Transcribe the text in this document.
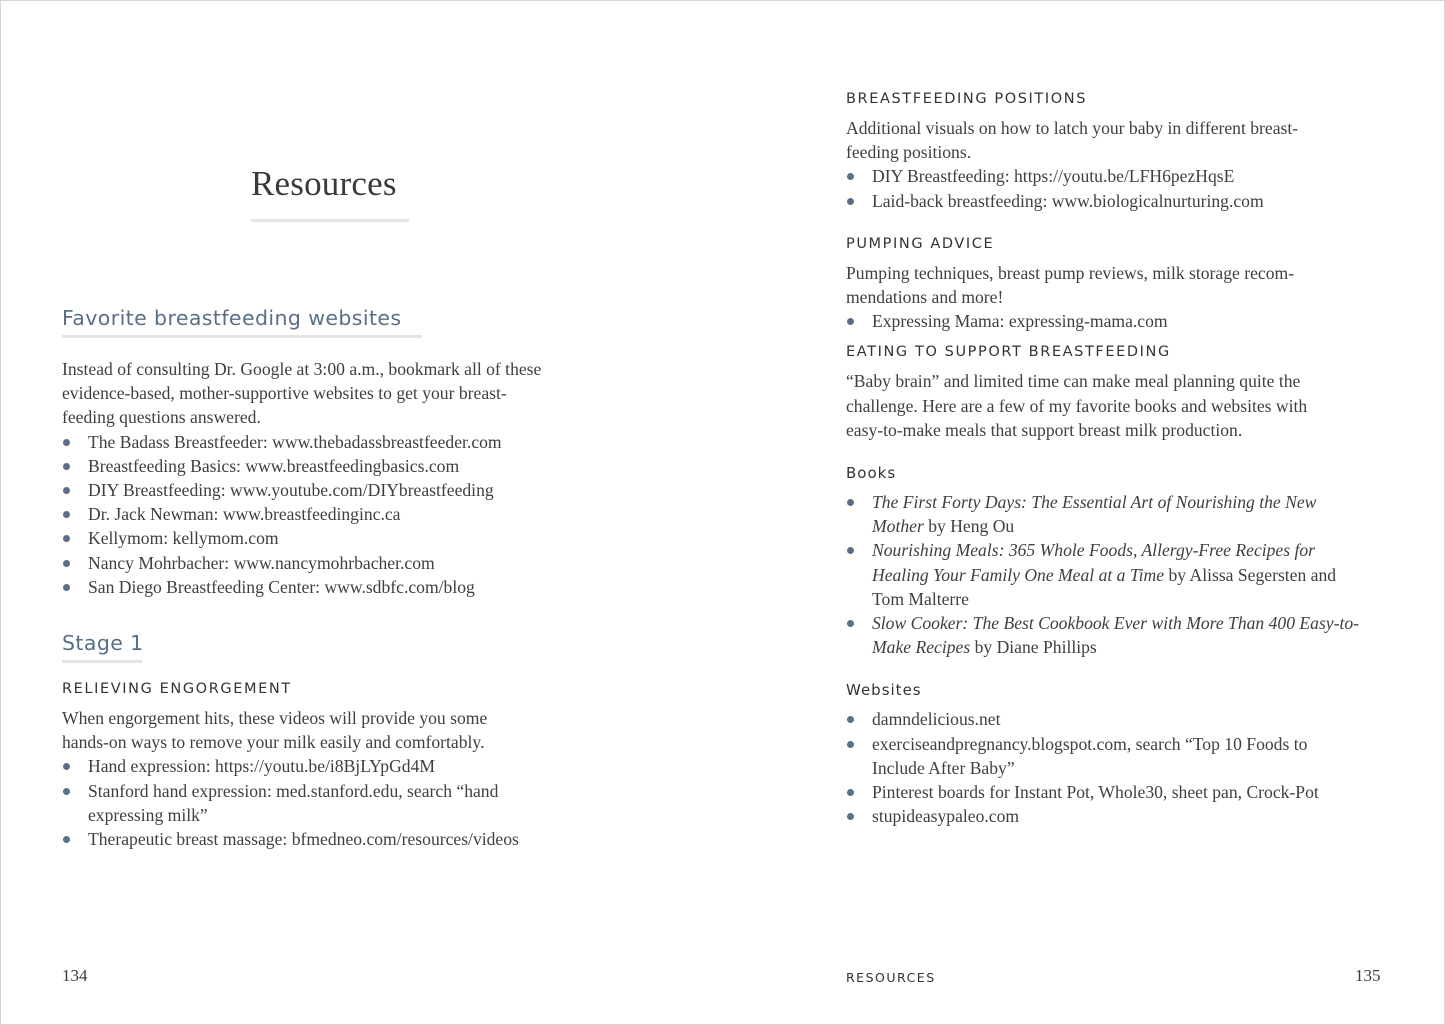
Resources
Favorite breastfeeding websites

Instead of consulting Dr. Google at 3:00 a.m., bookmark all of these
evidence-based, mother-supportive websites to get your breast-
feeding questions answered.

The Badass Breastfeeder: www.thebadassbreastfeeder.com
Breastfeeding Basics: www.breastfeedingbasics.com
DIY Breastfeeding: www.youtube.com/DIYbreastfeeding
Dr. Jack Newman: www.breastfeedinginc.ca
Kellymom: kellymom.com
Nancy Mohrbacher: www.nancymohrbacher.com
San Diego Breastfeeding Center: www.sdbfc.com/blog
Stage 1
RELIEVING ENGORGEMENT

When engorgement hits, these videos will provide you some
hands-on ways to remove your milk easily and comfortably.

Hand expression: https://youtu.be/i8BjLYpGd4M
Stanford hand expression: med.stanford.edu, search “hand
expressing milk”
Therapeutic breast massage: bfmedneo.com/resources/videos
134
BREASTFEEDING POSITIONS

Additional visuals on how to latch your baby in different breast-
feeding positions.

DIY Breastfeeding: https://youtu.be/LFH6pezHqsE
Laid-back breastfeeding: www.biologicalnurturing.com
PUMPING ADVICE

Pumping techniques, breast pump reviews, milk storage recom-
mendations and more!

Expressing Mama: expressing-mama.com
EATING TO SUPPORT BREASTFEEDING

“Baby brain” and limited time can make meal planning quite the
challenge. Here are a few of my favorite books and websites with
easy-to-make meals that support breast milk production.

Books
The First Forty Days: The Essential Art of Nourishing the New
Mother by Heng Ou
Nourishing Meals: 365 Whole Foods, Allergy-Free Recipes for
Healing Your Family One Meal at a Time by Alissa Segersten and
Tom Malterre
Slow Cooker: The Best Cookbook Ever with More Than 400 Easy-to-
Make Recipes by Diane Phillips
Websites
damndelicious.net
exerciseandpregnancy.blogspot.com, search “Top 10 Foods to
Include After Baby”
Pinterest boards for Instant Pot, Whole30, sheet pan, Crock-Pot
stupideasypaleo.com
RESOURCES	135
